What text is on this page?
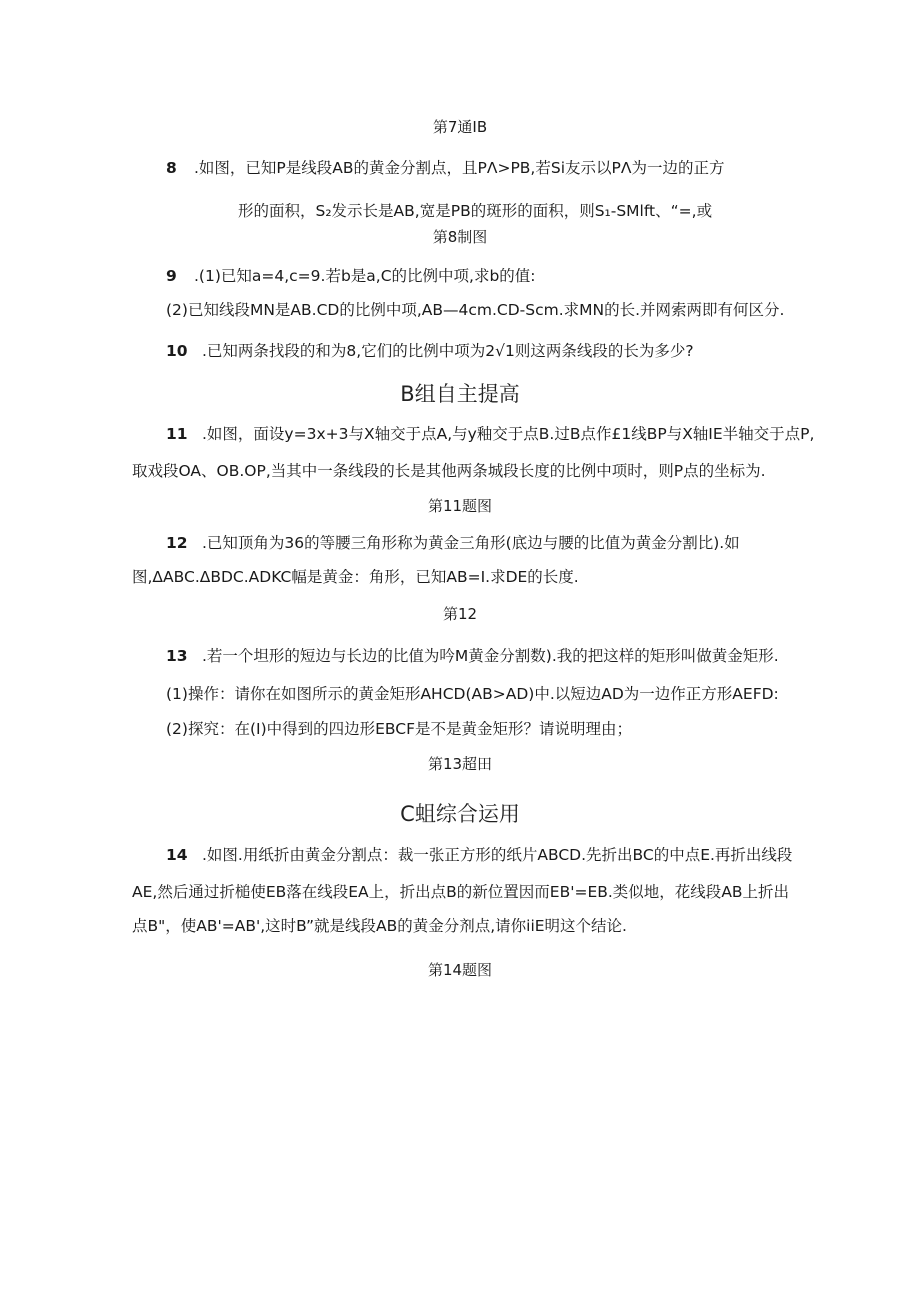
第7通IB
8 .如图，已知P是线段AB的黄金分割点，且PΛ>PB,若Si友示以PΛ为一边的正方
形的面积，S₂发示长是AB,宽是PB的斑形的面积，则S₁-SMlft、“=,或
第8制图
9 .(1)已知a=4,c=9.若b是a,C的比例中项,求b的值:
(2)已知线段MN是AB.CD的比例中项,AB—4cm.CD-Scm.求MN的长.并网索两即有何区分.
10 .已知两条找段的和为8,它们的比例中项为2√1则这两条线段的长为多少?
B组自主提高
11 .如图，面设y=3x+3与X轴交于点A,与y釉交于点B.过B点作£1线BP与X轴IE半轴交于点P,
取戏段OA、OB.OP,当其中一条线段的长是其他两条城段长度的比例中项时，则P点的坐标为.
第11题图
12 .已知顶角为36的等腰三角形称为黄金三角形(底边与腰的比值为黄金分割比).如
图,ΔABC.ΔBDC.ADKC幅是黄金：角形，已知AB=I.求DE的长度.
第12
13 .若一个坦形的短边与长边的比值为吟M黄金分割数).我的把这样的矩形叫做黄金矩形.
(1)操作：请你在如图所示的黄金矩形AHCD(AB>AD)中.以短边AD为一边作正方形AEFD:
(2)探究：在(I)中得到的四边形EBCF是不是黄金矩形？请说明理由；
第13超田
C蛆综合运用
14 .如图.用纸折由黄金分割点：裁一张正方形的纸片ABCD.先折出BC的中点E.再折出线段
AE,然后通过折槌使EB落在线段EA上，折出点B的新位置因而EB'=EB.类似地，花线段AB上折出
点B"，使AB'=AB',这时B”就是线段AB的黄金分剂点,请你iiE明这个结论.
第14题图
